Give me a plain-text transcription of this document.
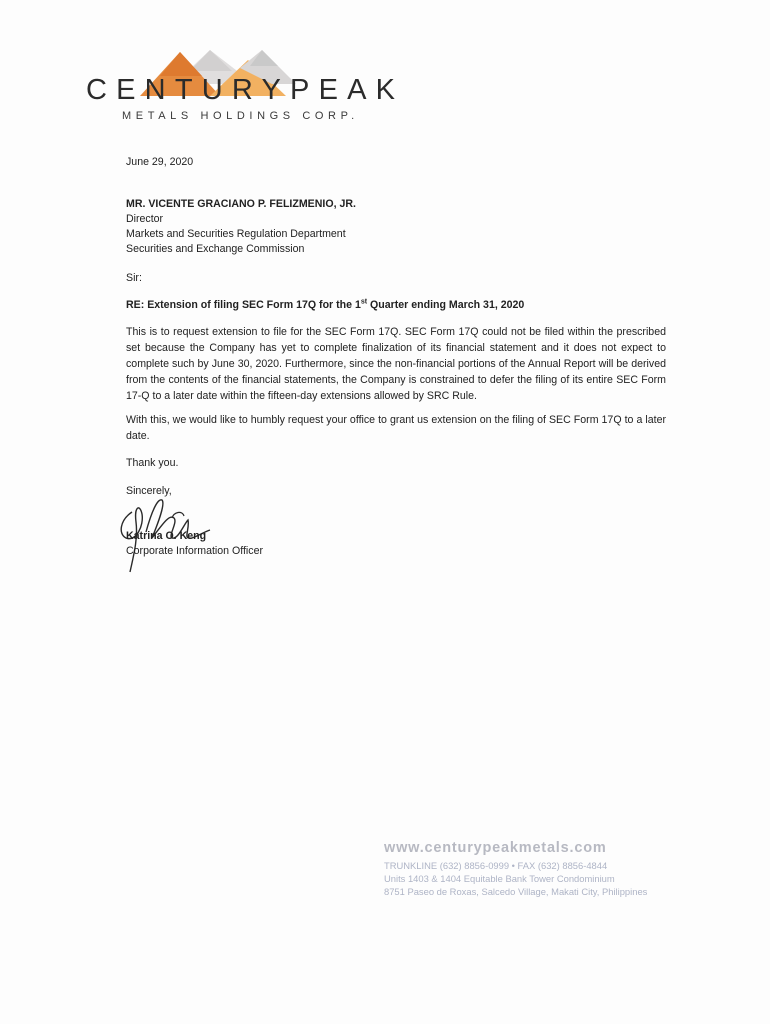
CENTURYPEAK
METALS HOLDINGS CORP.
June 29, 2020
MR. VICENTE GRACIANO P. FELIZMENIO, JR.
Director
Markets and Securities Regulation Department
Securities and Exchange Commission
Sir:
RE: Extension of filing SEC Form 17Q for the 1st Quarter ending March 31, 2020

This is to request extension to file for the SEC Form 17Q. SEC Form 17Q could not be filed within the prescribed set because the Company has yet to complete finalization of its financial statement and it does not expect to complete such by June 30, 2020. Furthermore, since the non-financial portions of the Annual Report will be derived from the contents of the financial statements, the Company is constrained to defer the filing of its entire SEC Form 17-Q to a later date within the fifteen-day extensions allowed by SRC Rule.

With this, we would like to humbly request your office to grant us extension on the filing of SEC Form 17Q to a later date.

Thank you.
Sincerely,
Katrina O. Keng
Corporate Information Officer
www.centurypeakmetals.com
TRUNKLINE (632) 8856-0999 • FAX (632) 8856-4844
Units 1403 & 1404 Equitable Bank Tower Condominium
8751 Paseo de Roxas, Salcedo Village, Makati City, Philippines
